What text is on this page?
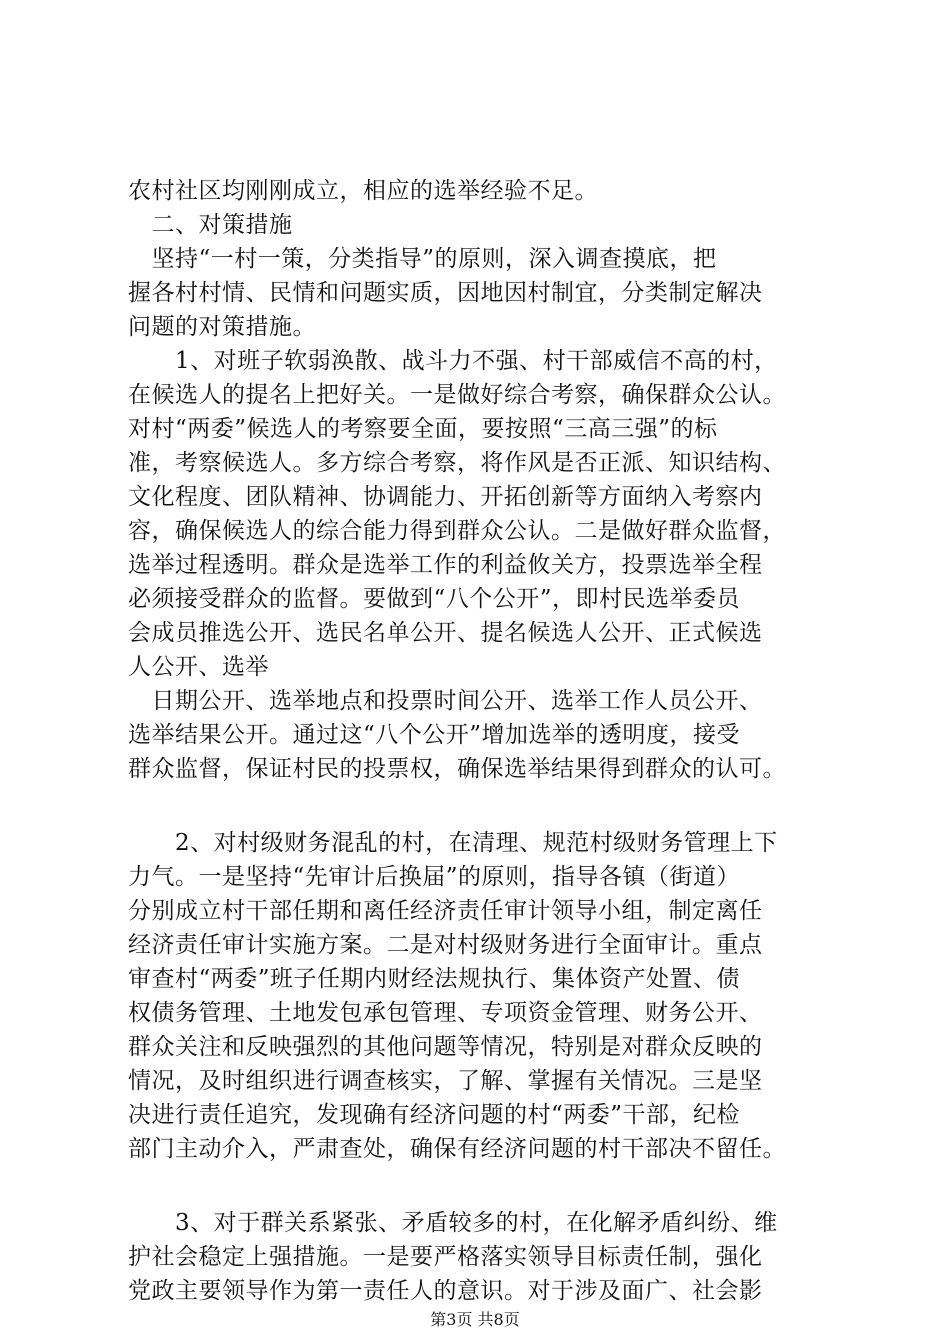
农村社区均刚刚成立，相应的选举经验不足。
　二、对策措施
　坚持“一村一策，分类指导”的原则，深入调查摸底，把
握各村村情、民情和问题实质，因地因村制宜，分类制定解决
问题的对策措施。
　　1、对班子软弱涣散、战斗力不强、村干部威信不高的村，
在候选人的提名上把好关。一是做好综合考察，确保群众公认。
对村“两委”候选人的考察要全面，要按照“三高三强”的标
准，考察候选人。多方综合考察，将作风是否正派、知识结构、
文化程度、团队精神、协调能力、开拓创新等方面纳入考察内
容，确保候选人的综合能力得到群众公认。二是做好群众监督，
选举过程透明。群众是选举工作的利益攸关方，投票选举全程
必须接受群众的监督。要做到“八个公开”，即村民选举委员
会成员推选公开、选民名单公开、提名候选人公开、正式候选
人公开、选举
　日期公开、选举地点和投票时间公开、选举工作人员公开、
选举结果公开。通过这“八个公开”增加选举的透明度，接受
群众监督，保证村民的投票权，确保选举结果得到群众的认可。
　　2、对村级财务混乱的村，在清理、规范村级财务管理上下
力气。一是坚持“先审计后换届”的原则，指导各镇（街道）
分别成立村干部任期和离任经济责任审计领导小组，制定离任
经济责任审计实施方案。二是对村级财务进行全面审计。重点
审查村“两委”班子任期内财经法规执行、集体资产处置、债
权债务管理、土地发包承包管理、专项资金管理、财务公开、
群众关注和反映强烈的其他问题等情况，特别是对群众反映的
情况，及时组织进行调查核实，了解、掌握有关情况。三是坚
决进行责任追究，发现确有经济问题的村“两委”干部，纪检
部门主动介入，严肃查处，确保有经济问题的村干部决不留任。
　　3、对于群关系紧张、矛盾较多的村，在化解矛盾纠纷、维
第3页 共8页
护社会稳定上强措施。一是要严格落实领导目标责任制，强化
党政主要领导作为第一责任人的意识。对于涉及面广、社会影
